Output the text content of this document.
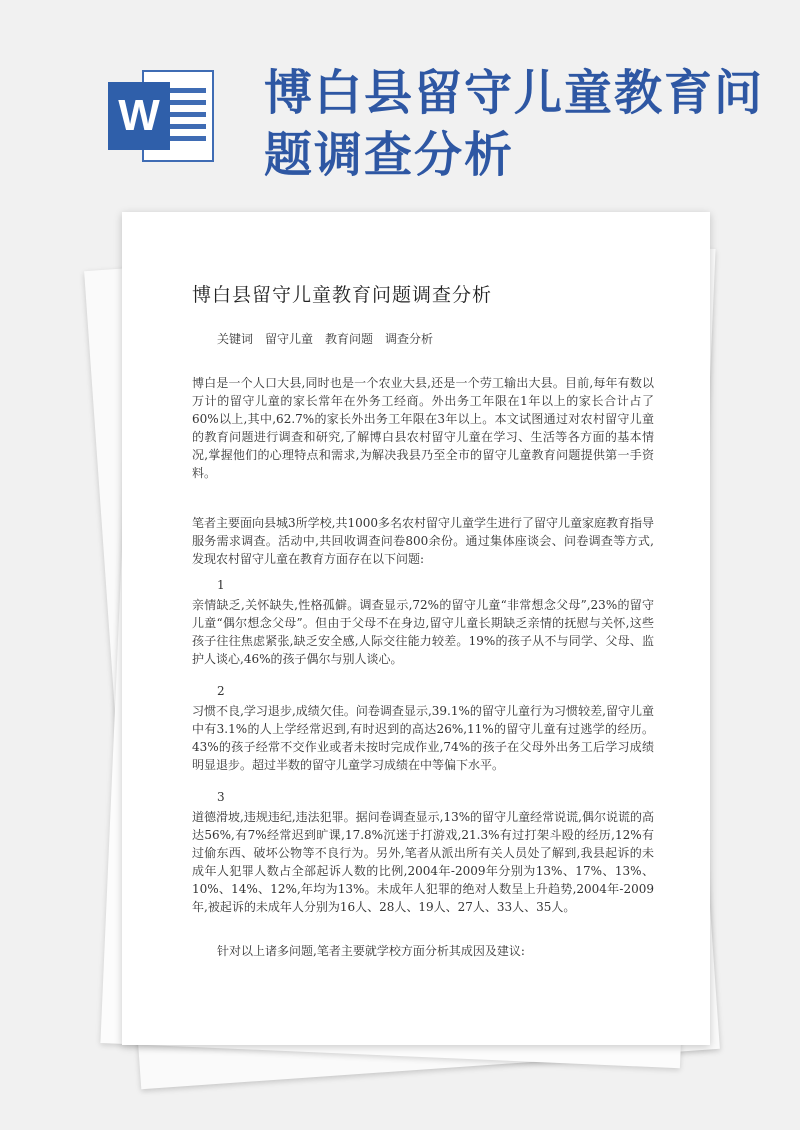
W 博白县留守儿童教育问题调查分析
博白县留守儿童教育问题调查分析
关键词　留守儿童　教育问题　调查分析
博白是一个人口大县,同时也是一个农业大县,还是一个劳工输出大县。目前,每年有数以万计的留守儿童的家长常年在外务工经商。外出务工年限在1年以上的家长合计占了60%以上,其中,62.7%的家长外出务工年限在3年以上。本文试图通过对农村留守儿童的教育问题进行调查和研究,了解博白县农村留守儿童在学习、生活等各方面的基本情况,掌握他们的心理特点和需求,为解决我县乃至全市的留守儿童教育问题提供第一手资料。
笔者主要面向县城3所学校,共1000多名农村留守儿童学生进行了留守儿童家庭教育指导服务需求调查。活动中,共回收调查问卷800余份。通过集体座谈会、问卷调查等方式,发现农村留守儿童在教育方面存在以下问题:
1
亲情缺乏,关怀缺失,性格孤僻。调查显示,72%的留守儿童“非常想念父母”,23%的留守儿童“偶尔想念父母”。但由于父母不在身边,留守儿童长期缺乏亲情的抚慰与关怀,这些孩子往往焦虑紧张,缺乏安全感,人际交往能力较差。19%的孩子从不与同学、父母、监护人谈心,46%的孩子偶尔与别人谈心。
2
习惯不良,学习退步,成绩欠佳。问卷调查显示,39.1%的留守儿童行为习惯较差,留守儿童中有3.1%的人上学经常迟到,有时迟到的高达26%,11%的留守儿童有过逃学的经历。43%的孩子经常不交作业或者未按时完成作业,74%的孩子在父母外出务工后学习成绩明显退步。超过半数的留守儿童学习成绩在中等偏下水平。
3
道德滑坡,违规违纪,违法犯罪。据问卷调查显示,13%的留守儿童经常说谎,偶尔说谎的高达56%,有7%经常迟到旷课,17.8%沉迷于打游戏,21.3%有过打架斗殴的经历,12%有过偷东西、破坏公物等不良行为。另外,笔者从派出所有关人员处了解到,我县起诉的未成年人犯罪人数占全部起诉人数的比例,2004年-2009年分别为13%、17%、13%、10%、14%、12%,年均为13%。未成年人犯罪的绝对人数呈上升趋势,2004年-2009年,被起诉的未成年人分别为16人、28人、19人、27人、33人、35人。
针对以上诸多问题,笔者主要就学校方面分析其成因及建议:
